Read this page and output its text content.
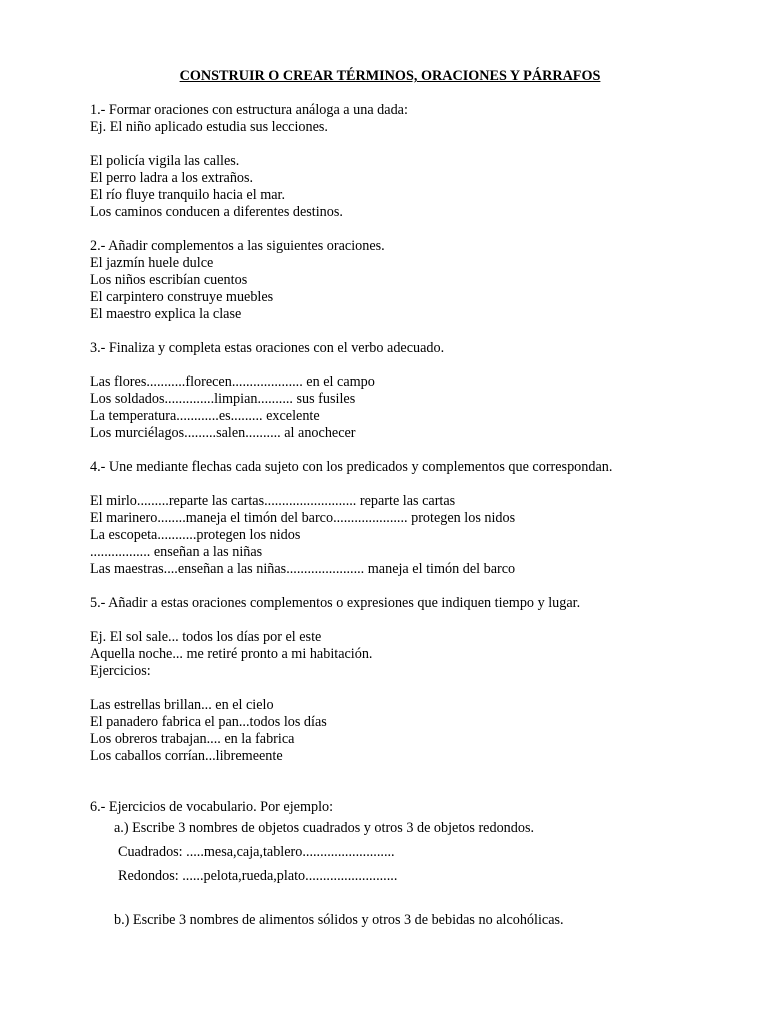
CONSTRUIR O CREAR TÉRMINOS, ORACIONES Y PÁRRAFOS
1.- Formar oraciones con estructura análoga a una dada:
Ej. El niño aplicado estudia sus lecciones.
El policía vigila las calles.
El perro ladra a los extraños.
El río fluye tranquilo hacia el mar.
Los caminos conducen a diferentes destinos.
2.- Añadir complementos a las siguientes oraciones.
El jazmín huele dulce
Los niños escribían cuentos
El carpintero construye muebles
El maestro explica la clase
3.- Finaliza y completa estas oraciones con el verbo adecuado.
Las flores...........florecen.................... en el campo
Los soldados..............limpian.......... sus fusiles
La temperatura............es......... excelente
Los murciélagos.........salen.......... al anochecer
4.- Une mediante flechas cada sujeto con los predicados y complementos que correspondan.
El mirlo.........reparte las cartas.......................... reparte las cartas
El marinero........maneja el timón del barco..................... protegen los nidos
La escopeta...........protegen los nidos
................. enseñan a las niñas
Las maestras....enseñan a las niñas...................... maneja el timón del barco
5.- Añadir a estas oraciones complementos o expresiones que indiquen tiempo y lugar.
Ej. El sol sale... todos los días por el este
Aquella noche... me retiré pronto a mi habitación.
Ejercicios:
Las estrellas brillan... en el cielo
El panadero fabrica el pan...todos los días
Los obreros trabajan.... en la fabrica
Los caballos corrían...libremeente
6.- Ejercicios de vocabulario. Por ejemplo:
a.) Escribe 3 nombres de objetos cuadrados y otros 3 de objetos redondos.
Cuadrados: .....mesa,caja,tablero..........................
Redondos: ......pelota,rueda,plato..........................
b.) Escribe 3 nombres de alimentos sólidos y otros 3 de bebidas no alcohólicas.
